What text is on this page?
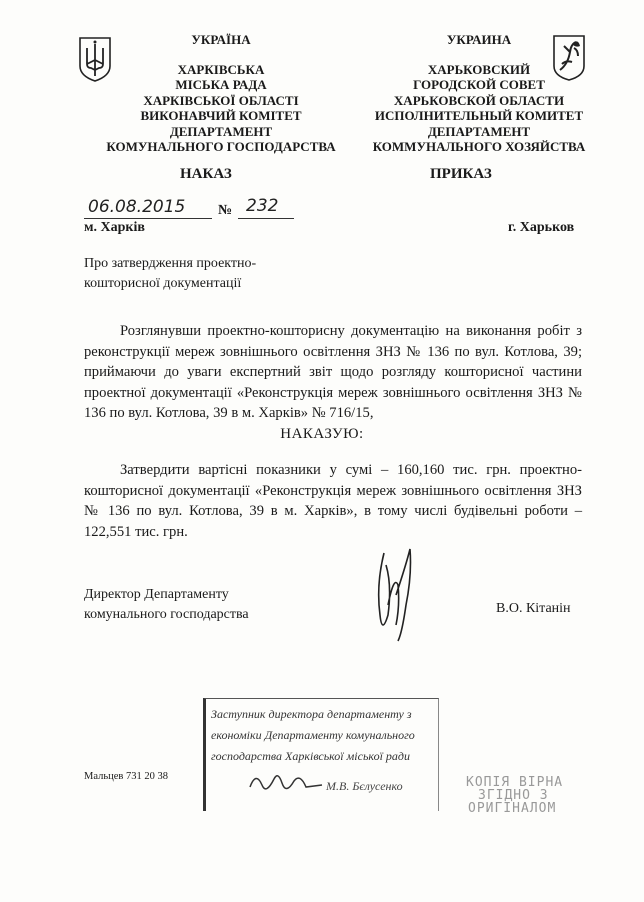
УКРАЇНА
ХАРКІВСЬКА
МІСЬКА РАДА
ХАРКІВСЬКОЇ ОБЛАСТІ
ВИКОНАВЧИЙ КОМІТЕТ
ДЕПАРТАМЕНТ
КОМУНАЛЬНОГО ГОСПОДАРСТВА
УКРАИНА
ХАРЬКОВСКИЙ
ГОРОДСКОЙ СОВЕТ
ХАРЬКОВСКОЙ ОБЛАСТИ
ИСПОЛНИТЕЛЬНЫЙ КОМИТЕТ
ДЕПАРТАМЕНТ
КОММУНАЛЬНОГО ХОЗЯЙСТВА
НАКАЗ	ПРИКАЗ
06.08.2015 № 232
м. Харків	г. Харьков
Про затвердження проектно-
кошторисної документації
Розглянувши проектно-кошторисну документацію на виконання робіт з реконструкції мереж зовнішнього освітлення ЗНЗ № 136 по вул. Котлова, 39; приймаючи до уваги експертний звіт щодо розгляду кошторисної частини проектної документації «Реконструкція мереж зовнішнього освітлення ЗНЗ № 136 по вул. Котлова, 39 в м. Харків» № 716/15,
НАКАЗУЮ:
Затвердити вартісні показники у сумі – 160,160 тис. грн. проектно-кошторисної документації «Реконструкція мереж зовнішнього освітлення ЗНЗ № 136 по вул. Котлова, 39 в м. Харків», в тому числі будівельні роботи – 122,551 тис. грн.
Директор Департаменту
комунального господарства	В.О. Кітанін
Заступник директора департаменту з
економіки Департаменту комунального
господарства Харківської міської ради
М.В. Бєлусенко
Мальцев 731 20 38	КОПІЯ ВІРНА
ЗГІДНО З
ОРИГІНАЛОМ
